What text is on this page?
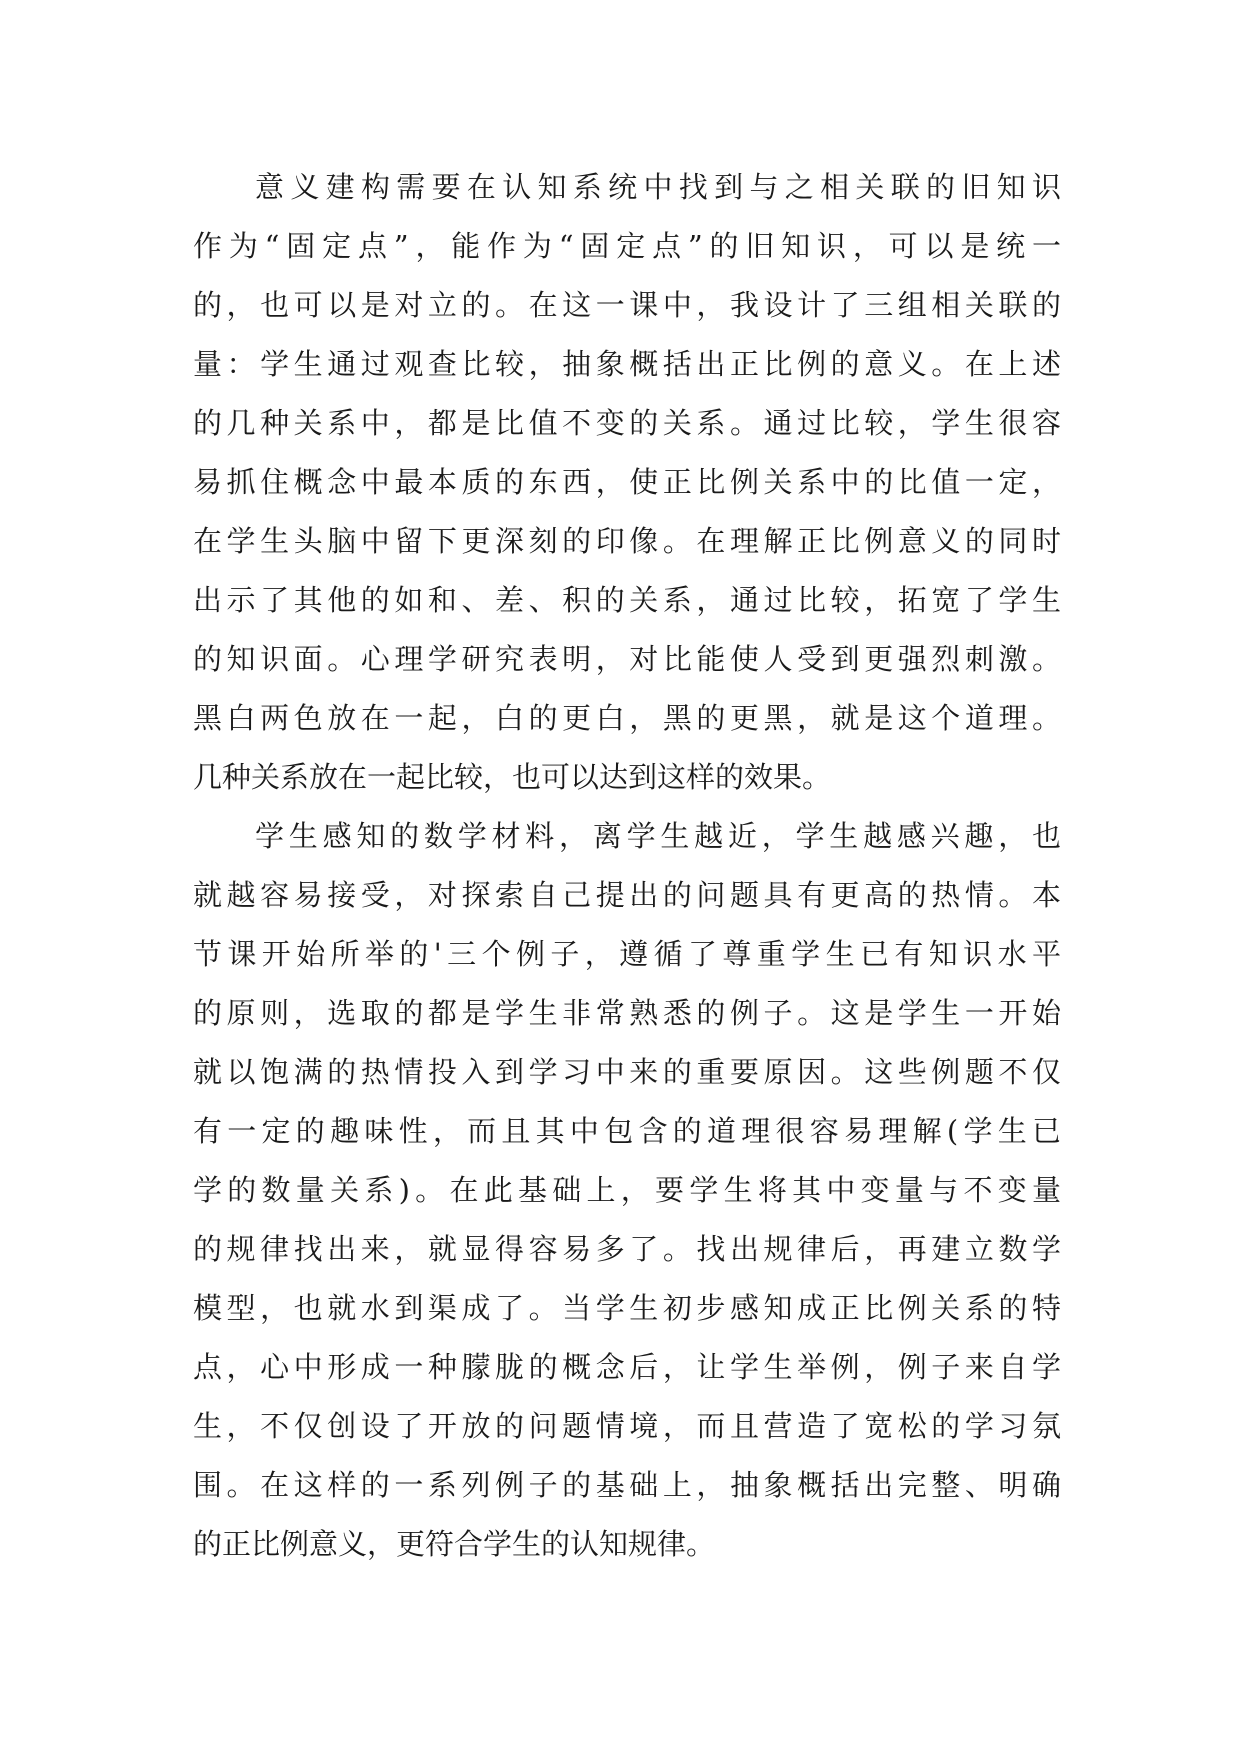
意义建构需要在认知系统中找到与之相关联的旧知识
作为“固定点”，能作为“固定点”的旧知识，可以是统一
的，也可以是对立的。在这一课中，我设计了三组相关联的
量：学生通过观查比较，抽象概括出正比例的意义。在上述
的几种关系中，都是比值不变的关系。通过比较，学生很容
易抓住概念中最本质的东西，使正比例关系中的比值一定，
在学生头脑中留下更深刻的印像。在理解正比例意义的同时
出示了其他的如和、差、积的关系，通过比较，拓宽了学生
的知识面。心理学研究表明，对比能使人受到更强烈刺激。
黑白两色放在一起，白的更白，黑的更黑，就是这个道理。
几种关系放在一起比较，也可以达到这样的效果。
学生感知的数学材料，离学生越近，学生越感兴趣，也
就越容易接受，对探索自己提出的问题具有更高的热情。本
节课开始所举的'三个例子，遵循了尊重学生已有知识水平
的原则，选取的都是学生非常熟悉的例子。这是学生一开始
就以饱满的热情投入到学习中来的重要原因。这些例题不仅
有一定的趣味性，而且其中包含的道理很容易理解(学生已
学的数量关系)。在此基础上，要学生将其中变量与不变量
的规律找出来，就显得容易多了。找出规律后，再建立数学
模型，也就水到渠成了。当学生初步感知成正比例关系的特
点，心中形成一种朦胧的概念后，让学生举例，例子来自学
生，不仅创设了开放的问题情境，而且营造了宽松的学习氛
围。在这样的一系列例子的基础上，抽象概括出完整、明确
的正比例意义，更符合学生的认知规律。
